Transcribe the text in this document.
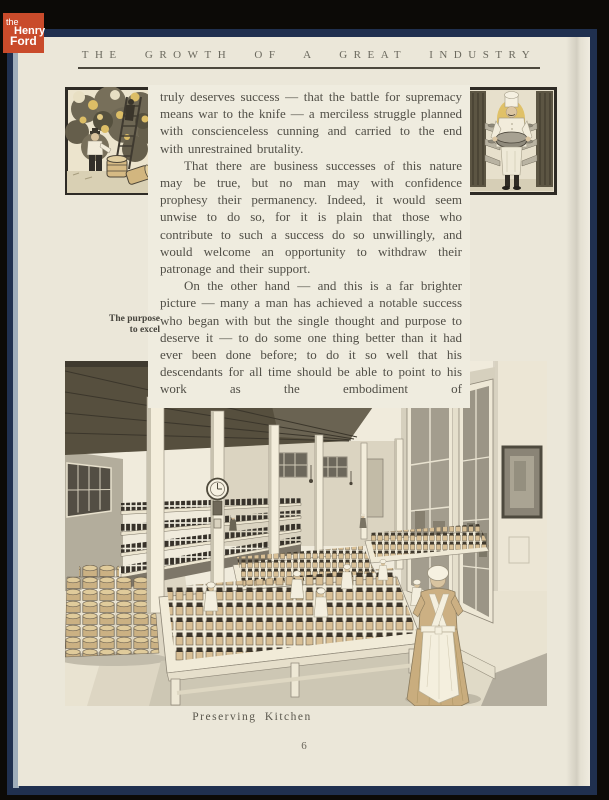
THE GROWTH OF A GREAT INDUSTRY

truly deserves success — that the battle for supremacy means war to the knife — a merciless struggle planned with conscienceless cunning and carried to the end with unrestrained brutality.

That there are business successes of this nature may be true, but no man may with confidence prophesy their permanency. Indeed, it would seem unwise to do so, for it is plain that those who contribute to such a success do so unwillingly, and would welcome an opportunity to withdraw their patronage and their support.

On the other hand — and this is a far brighter picture — many a man has achieved a notable success who began with but the single thought and purpose to deserve it — to do some one thing better than it had ever been done before; to do it so well that his descendants for all time should be able to point to his work as the embodiment of

The purpose
to excel
Preserving Kitchen
6
the
Henry
Ford
